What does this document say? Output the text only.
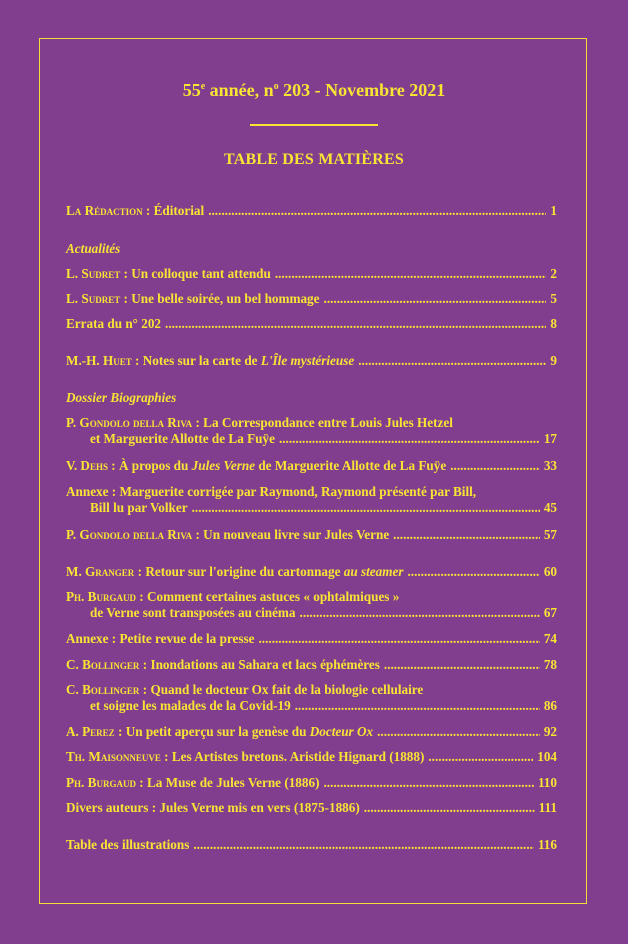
55e année, $n^o$ 203 - Novembre 2021
TABLE DES MATIÈRES
La Rédaction : Éditorial .....	1
Actualités
L. Sudret : Un colloque tant attendu .....	2
L. Sudret : Une belle soirée, un bel hommage .....	5
Errata du n° 202 .....	8
M.-H. Huet : Notes sur la carte de L'Île mystérieuse .....	9
Dossier Biographies
P. Gondolo della Riva : La Correspondance entre Louis Jules Hetzel
et Marguerite Allotte de La Fuÿe .....	17
V. Dehs : À propos du Jules Verne de Marguerite Allotte de La Fuÿe .....	33
Annexe : Marguerite corrigée par Raymond, Raymond présenté par Bill,
Bill lu par Volker .....	45
P. Gondolo della Riva : Un nouveau livre sur Jules Verne .....	57
M. Granger : Retour sur l'origine du cartonnage au steamer .....	60
Ph. Burgaud : Comment certaines astuces « ophtalmiques »
de Verne sont transposées au cinéma .....	67
Annexe : Petite revue de la presse .....	74
C. Bollinger : Inondations au Sahara et lacs éphémères .....	78
C. Bollinger : Quand le docteur Ox fait de la biologie cellulaire
et soigne les malades de la Covid-19 .....	86
A. Perez : Un petit aperçu sur la genèse du Docteur Ox .....	92
Th. Maisonneuve : Les Artistes bretons. Aristide Hignard (1888) .....	104
Ph. Burgaud : La Muse de Jules Verne (1886) .....	110
Divers auteurs : Jules Verne mis en vers (1875-1886) .....	111
Table des illustrations .....	116
